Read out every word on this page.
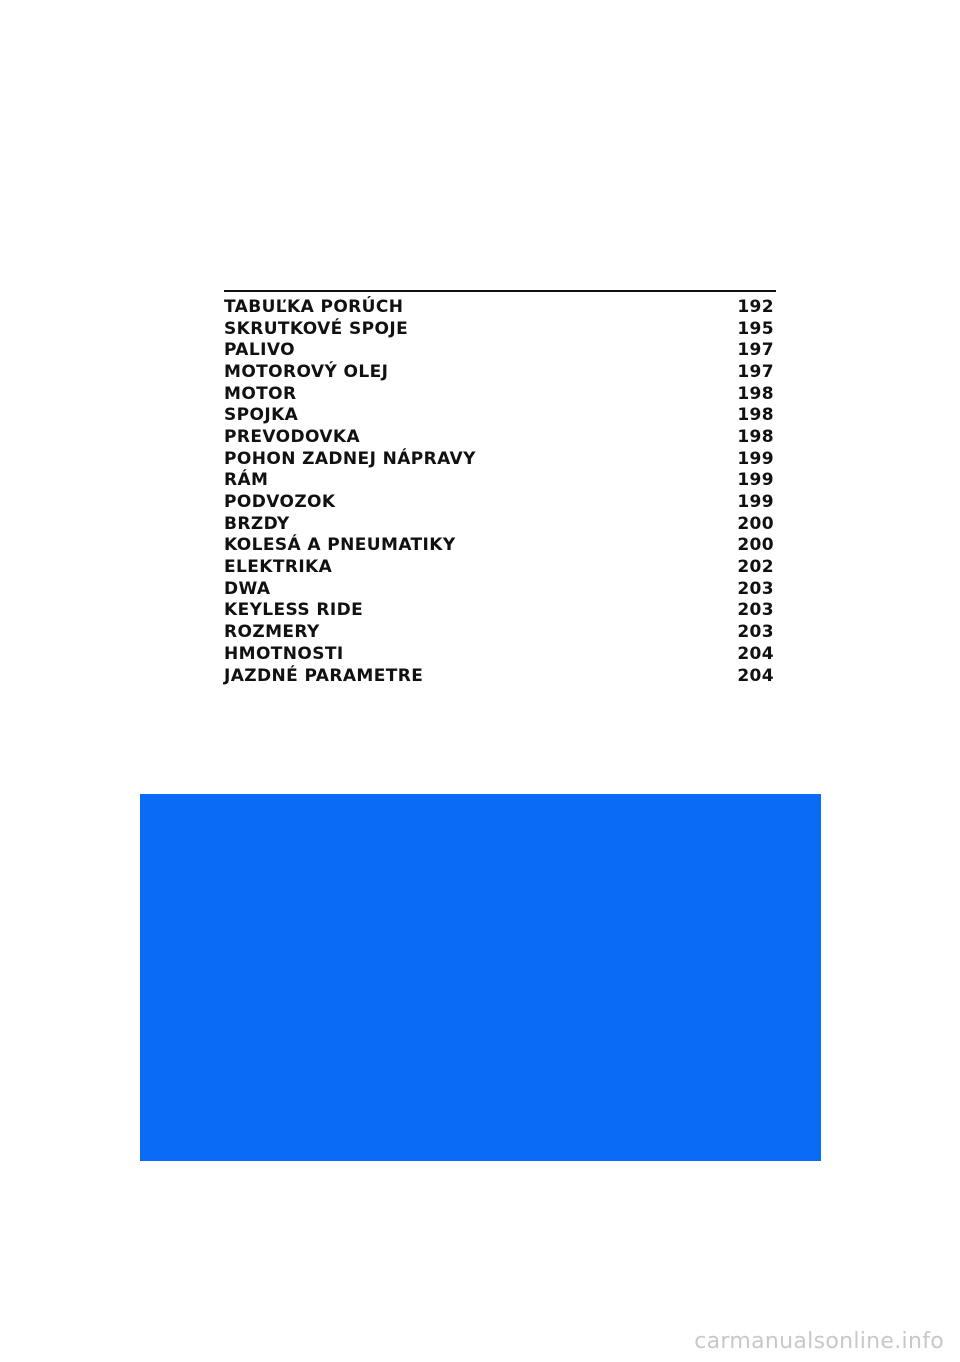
TABUĽKA PORÚCH	192
SKRUTKOVÉ SPOJE	195
PALIVO	197
MOTOROVÝ OLEJ	197
MOTOR	198
SPOJKA	198
PREVODOVKA	198
POHON ZADNEJ NÁPRAVY	199
RÁM	199
PODVOZOK	199
BRZDY	200
KOLESÁ A PNEUMATIKY	200
ELEKTRIKA	202
DWA	203
KEYLESS RIDE	203
ROZMERY	203
HMOTNOSTI	204
JAZDNÉ PARAMETRE	204
carmanualsonline.info
